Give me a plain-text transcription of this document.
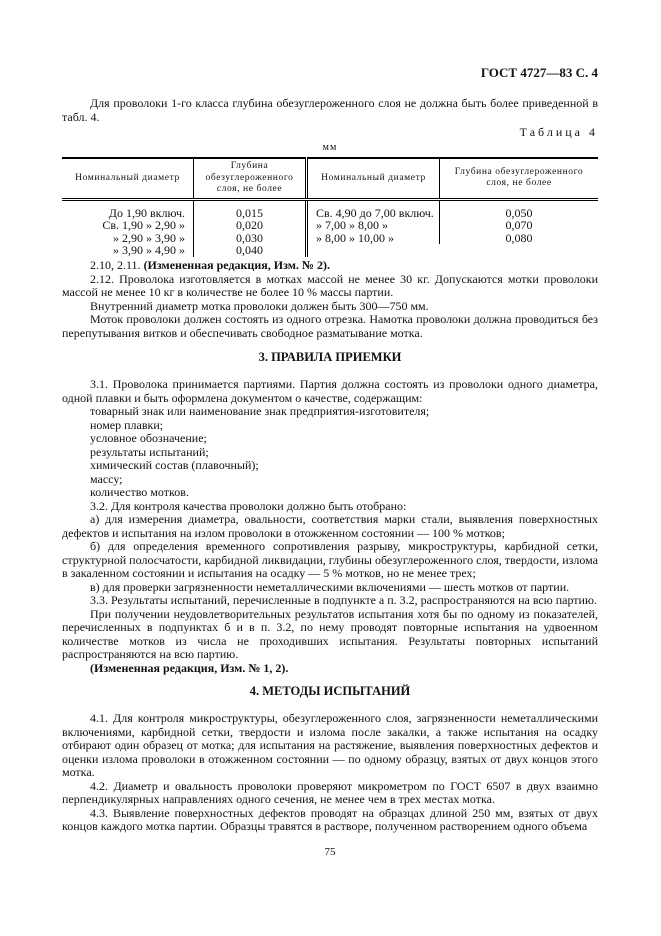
ГОСТ 4727—83 С. 4

Для проволоки 1-го класса глубина обезуглероженного слоя не должна быть более приведенной в табл. 4.

Таблица 4
мм
Номинальный диаметр	Глубина обезуглероженного слоя, не более	Номинальный диаметр	Глубина обезуглероженного слоя, не более
До 1,90 включ.	0,015	Св. 4,90 до 7,00 включ.	0,050
Св. 1,90 » 2,90 »	0,020	» 7,00 » 8,00 »	0,070
» 2,90 » 3,90 »	0,030	» 8,00 » 10,00 »	0,080
» 3,90 » 4,90 »	0,040		

2.10, 2.11. (Измененная редакция, Изм. № 2).

2.12. Проволока изготовляется в мотках массой не менее 30 кг. Допускаются мотки проволоки массой не менее 10 кг в количестве не более 10 % массы партии.

Внутренний диаметр мотка проволоки должен быть 300—750 мм.

Моток проволоки должен состоять из одного отрезка. Намотка проволоки должна проводиться без перепутывания витков и обеспечивать свободное разматывание мотка.

3. ПРАВИЛА ПРИЕМКИ

3.1. Проволока принимается партиями. Партия должна состоять из проволоки одного диаметра, одной плавки и быть оформлена документом о качестве, содержащим:

товарный знак или наименование знак предприятия-изготовителя;

номер плавки;

условное обозначение;

результаты испытаний;

химический состав (плавочный);

массу;

количество мотков.

3.2. Для контроля качества проволоки должно быть отобрано:

а) для измерения диаметра, овальности, соответствия марки стали, выявления поверхностных дефектов и испытания на излом проволоки в отожженном состоянии — 100 % мотков;

б) для определения временного сопротивления разрыву, микроструктуры, карбидной сетки, структурной полосчатости, карбидной ликвидации, глубины обезуглероженного слоя, твердости, излома в закаленном состоянии и испытания на осадку — 5 % мотков, но не менее трех;

в) для проверки загрязненности неметаллическими включениями — шесть мотков от партии.

3.3. Результаты испытаний, перечисленные в подпункте а п. 3.2, распространяются на всю партию.

При получении неудовлетворительных результатов испытания хотя бы по одному из показателей, перечисленных в подпунктах б и в п. 3.2, по нему проводят повторные испытания на удвоенном количестве мотков из числа не проходивших испытания. Результаты повторных испытаний распространяются на всю партию.

(Измененная редакция, Изм. № 1, 2).

4. МЕТОДЫ ИСПЫТАНИЙ

4.1. Для контроля микроструктуры, обезуглероженного слоя, загрязненности неметаллическими включениями, карбидной сетки, твердости и излома после закалки, а также испытания на осадку отбирают один образец от мотка; для испытания на растяжение, выявления поверхностных дефектов и оценки излома проволоки в отожженном состоянии — по одному образцу, взятых от двух концов этого мотка.

4.2. Диаметр и овальность проволоки проверяют микрометром по ГОСТ 6507 в двух взаимно перпендикулярных направлениях одного сечения, не менее чем в трех местах мотка.

4.3. Выявление поверхностных дефектов проводят на образцах длиной 250 мм, взятых от двух концов каждого мотка партии. Образцы травятся в растворе, полученном растворением одного объема

75
